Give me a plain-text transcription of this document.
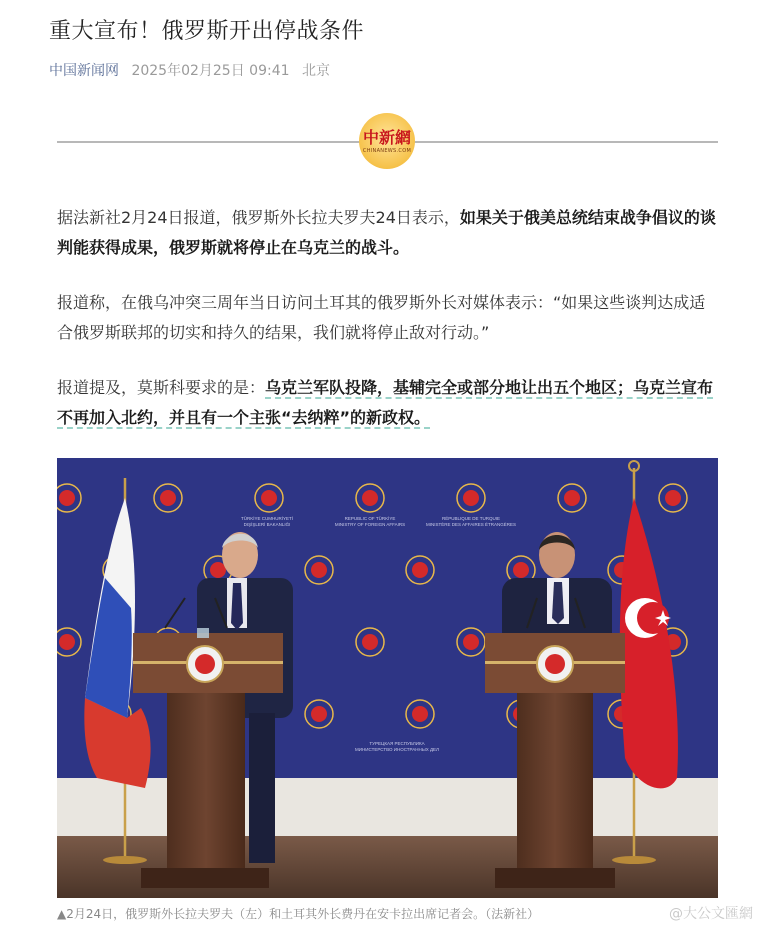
重大宣布！俄罗斯开出停战条件
中国新闻网 2025年02月25日 09:41 北京
中新網
CHINANEWS.COM

据法新社2月24日报道，俄罗斯外长拉夫罗夫24日表示，如果关于俄美总统结束战争倡议的谈判能获得成果，俄罗斯就将停止在乌克兰的战斗。

报道称，在俄乌冲突三周年当日访问土耳其的俄罗斯外长对媒体表示：“如果这些谈判达成适合俄罗斯联邦的切实和持久的结果，我们就将停止敌对行动。”

报道提及，莫斯科要求的是：乌克兰军队投降，基辅完全或部分地让出五个地区；乌克兰宣布不再加入北约，并且有一个主张“去纳粹”的新政权。

TÜRKİYE CUMHURİYETİ
DIŞİŞLERİ BAKANLIĞI
REPUBLIC OF TÜRKİYE
MINISTRY OF FOREIGN AFFAIRS
RÉPUBLIQUE DE TURQUIE
MINISTÈRE DES AFFAIRES ÉTRANGÈRES
ТУРЕЦКАЯ РЕСПУБЛИКА
МИНИСТЕРСТВО ИНОСТРАННЫХ ДЕЛ
▲2月24日，俄罗斯外长拉夫罗夫（左）和土耳其外长费丹在安卡拉出席记者会。（法新社）	@大公文匯網
